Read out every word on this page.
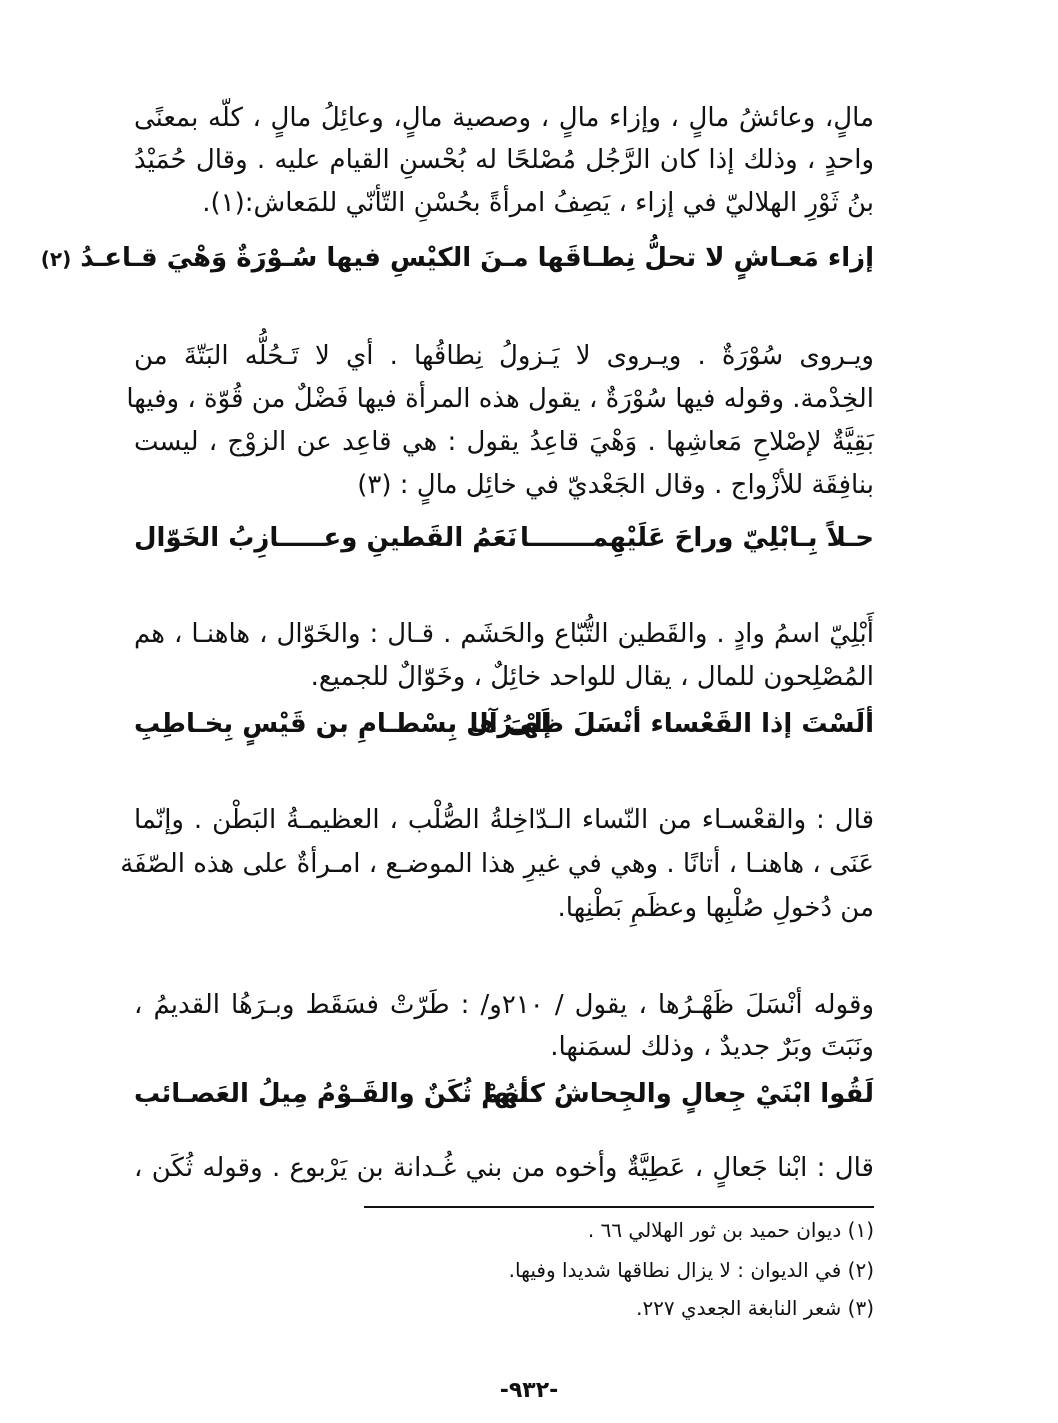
مالٍ، وعائشُ مالٍ ، وإزاء مالٍ ، وصصية مالٍ، وعائِلُ مالٍ ، كلّه بمعنًى
واحدٍ ، وذلك إذا كان الرَّجُل مُصْلحًا له بُحْسنِ القيام عليه . وقال حُمَيْدُ
بنُ ثَوْرِ الهلاليّ في إزاء ، يَصِفُ امرأةً بحُسْنِ التّأنّي للمَعاش:(١).
إزاء مَعـاشٍ لا تحلُّ نِطـاقَها مـنَ الكيْسِ فيها سُـوْرَةٌ وَهْيَ قـاعـدُ (٢)
ويـروى سُوْرَةٌ . ويـروى لا يَـزولُ نِطاقُها . أي لا تَـحُلُّه البَتّةَ من
الخِدْمة. وقوله فيها سُوْرَةٌ ، يقول هذه المرأة فيها فَضْلٌ من قُوّة ، وفيها
بَقِيَّةٌ لإصْلاحِ مَعاشِها . وَهْيَ قاعِدُ يقول : هي قاعِد عن الزوْج ، ليست
بنافِقَة للأزْواج . وقال الجَعْديّ في خائِل مالٍ : (٣)
حـلاً بِـابْلِيّ وراحَ عَلَيْهِمـــــــا
نَعَمُ القَطينِ وعـــــازِبُ الخَوّال
أَبْلِيّ اسمُ وادٍ . والقَطين التُّبّاع والحَشَم . قـال : والخَوّال ، هاهنـا ، هم
المُصْلِحون للمال ، يقال للواحد خائِلٌ ، وخَوّالٌ للجميع.
ألَسْتَ إذا القَعْساء أنْسَلَ ظَهْـرُها
إلىَ آل بِسْطـامِ بن قَيْسٍ بِخـاطِبِ
قال : والقعْسـاء من النّساء الـدّاخِلةُ الصُّلْب ، العظيمـةُ البَطْن . وإنّما
عَنَى ، هاهنـا ، أتانًا . وهي في غيرِ هذا الموضـع ، امـرأةٌ على هذه الصّفَة
من دُخولِ صُلْبِها وعظَمِ بَطْنِها.
وقوله أنْسَلَ ظَهْـرُها ، يقول / ٢١٠و/ : طَرّتْ فسَقَط وبـرَهُا القديمُ ،
ونَبَتَ وبَرٌ جديدٌ ، وذلك لسمَنها.
لَقُوا ابْنَيْ جِعالٍ والجِحاشُ كأنها
لهُمْ ثُكَنٌ والقَـوْمُ مِيلُ العَصـائب
قال : ابْنا جَعالٍ ، عَطِيَّةٌ وأخوه من بني غُـدانة بن يَرْبوع . وقوله ثُكَن ،
(١) ديوان حميد بن ثور الهلالي ٦٦ .
(٢) في الديوان : لا يزال نطاقها شديدا وفيها.
(٣) شعر النابغة الجعدي ٢٢٧.
-٩٣٢-
